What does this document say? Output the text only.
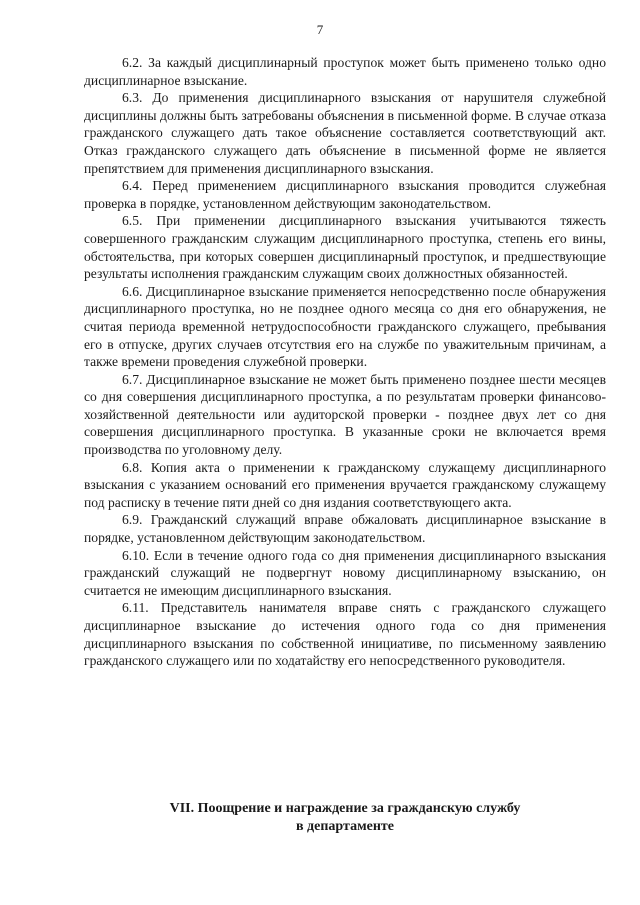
7

6.2. За каждый дисциплинарный проступок может быть применено только одно дисциплинарное взыскание.

6.3. До применения дисциплинарного взыскания от нарушителя служебной дисциплины должны быть затребованы объяснения в письменной форме. В случае отказа гражданского служащего дать такое объяснение составляется соответствующий акт. Отказ гражданского служащего дать объяснение в письменной форме не является препятствием для применения дисциплинарного взыскания.

6.4. Перед применением дисциплинарного взыскания проводится служебная проверка в порядке, установленном действующим законодательством.

6.5. При применении дисциплинарного взыскания учитываются тяжесть совершенного гражданским служащим дисциплинарного проступка, степень его вины, обстоятельства, при которых совершен дисциплинарный проступок, и предшествующие результаты исполнения гражданским служащим своих должностных обязанностей.

6.6. Дисциплинарное взыскание применяется непосредственно после обнаружения дисциплинарного проступка, но не позднее одного месяца со дня его обнаружения, не считая периода временной нетрудоспособности гражданского служащего, пребывания его в отпуске, других случаев отсутствия его на службе по уважительным причинам, а также времени проведения служебной проверки.

6.7. Дисциплинарное взыскание не может быть применено позднее шести месяцев со дня совершения дисциплинарного проступка, а по результатам проверки финансово-хозяйственной деятельности или аудиторской проверки - позднее двух лет со дня совершения дисциплинарного проступка. В указанные сроки не включается время производства по уголовному делу.

6.8. Копия акта о применении к гражданскому служащему дисциплинарного взыскания с указанием оснований его применения вручается гражданскому служащему под расписку в течение пяти дней со дня издания соответствующего акта.

6.9. Гражданский служащий вправе обжаловать дисциплинарное взыскание в порядке, установленном действующим законодательством.

6.10. Если в течение одного года со дня применения дисциплинарного взыскания гражданский служащий не подвергнут новому дисциплинарному взысканию, он считается не имеющим дисциплинарного взыскания.

6.11. Представитель нанимателя вправе снять с гражданского служащего дисциплинарное взыскание до истечения одного года со дня применения дисциплинарного взыскания по собственной инициативе, по письменному заявлению гражданского служащего или по ходатайству его непосредственного руководителя.

VII. Поощрение и награждение за гражданскую службу
в департаменте
